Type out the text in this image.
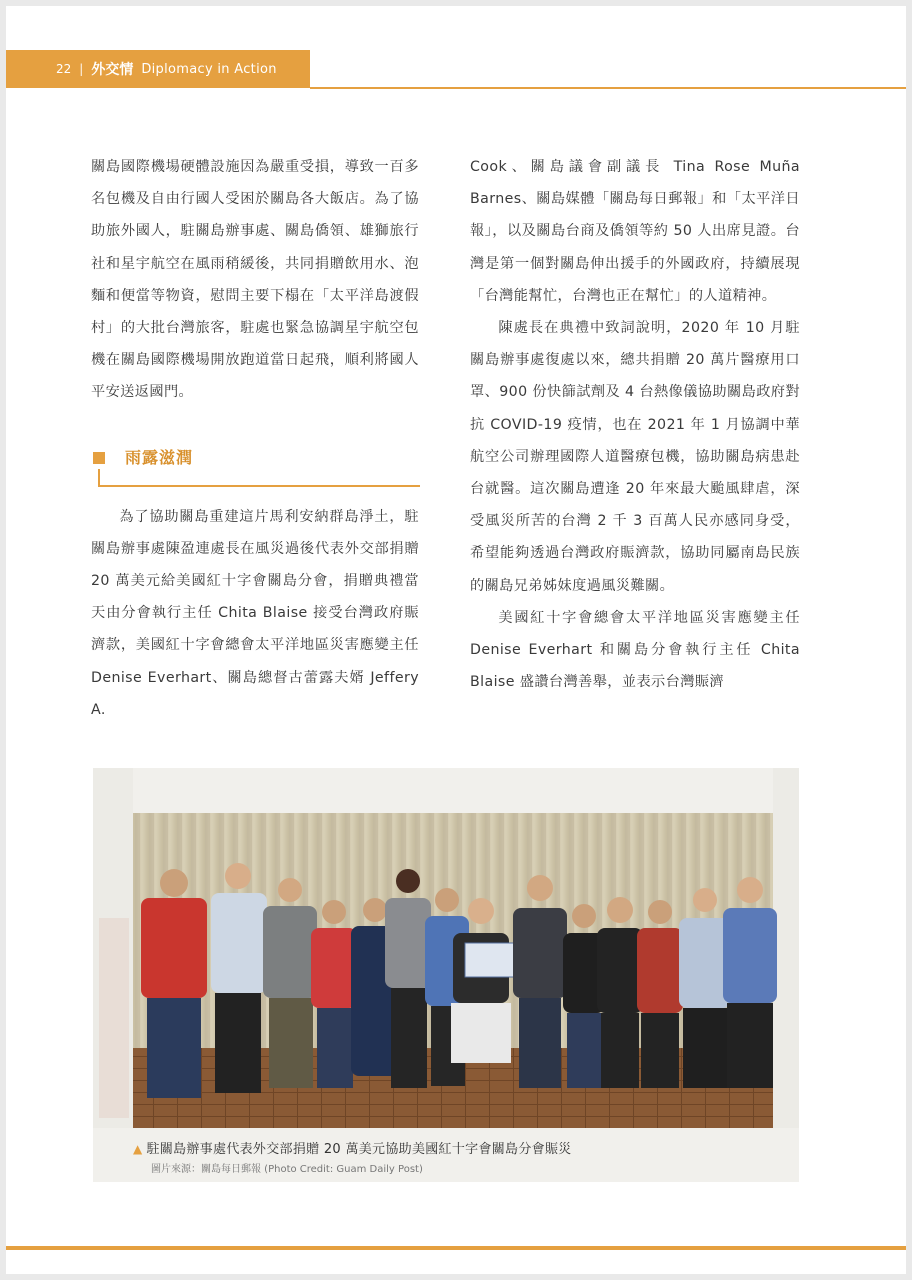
22 | 外交情 Diplomacy in Action

關島國際機場硬體設施因為嚴重受損，導致一百多名包機及自由行國人受困於關島各大飯店。為了協助旅外國人，駐關島辦事處、關島僑領、雄獅旅行社和星宇航空在風雨稍緩後，共同捐贈飲用水、泡麵和便當等物資，慰問主要下榻在「太平洋島渡假村」的大批台灣旅客，駐處也緊急協調星宇航空包機在關島國際機場開放跑道當日起飛，順利將國人平安送返國門。

雨露滋潤

為了協助關島重建這片馬利安納群島淨土，駐關島辦事處陳盈連處長在風災過後代表外交部捐贈 20 萬美元給美國紅十字會關島分會，捐贈典禮當天由分會執行主任 Chita Blaise 接受台灣政府賑濟款，美國紅十字會總會太平洋地區災害應變主任 Denise Everhart、關島總督古蕾露夫婿 Jeffery A.

Cook、關島議會副議長 Tina Rose Muña Barnes、關島媒體「關島每日郵報」和「太平洋日報」，以及關島台商及僑領等約 50 人出席見證。台灣是第一個對關島伸出援手的外國政府，持續展現「台灣能幫忙，台灣也正在幫忙」的人道精神。

陳處長在典禮中致詞說明，2020 年 10 月駐關島辦事處復處以來，總共捐贈 20 萬片醫療用口罩、900 份快篩試劑及 4 台熱像儀協助關島政府對抗 COVID-19 疫情，也在 2021 年 1 月協調中華航空公司辦理國際人道醫療包機，協助關島病患赴台就醫。這次關島遭逢 20 年來最大颱風肆虐，深受風災所苦的台灣 2 千 3 百萬人民亦感同身受，希望能夠透過台灣政府賑濟款，協助同屬南島民族的關島兄弟姊妹度過風災難關。

美國紅十字會總會太平洋地區災害應變主任 Denise Everhart 和關島分會執行主任 Chita Blaise 盛讚台灣善舉，並表示台灣賑濟

▲ 駐關島辦事處代表外交部捐贈 20 萬美元協助美國紅十字會關島分會賑災
圖片來源：關島每日郵報 (Photo Credit: Guam Daily Post)
